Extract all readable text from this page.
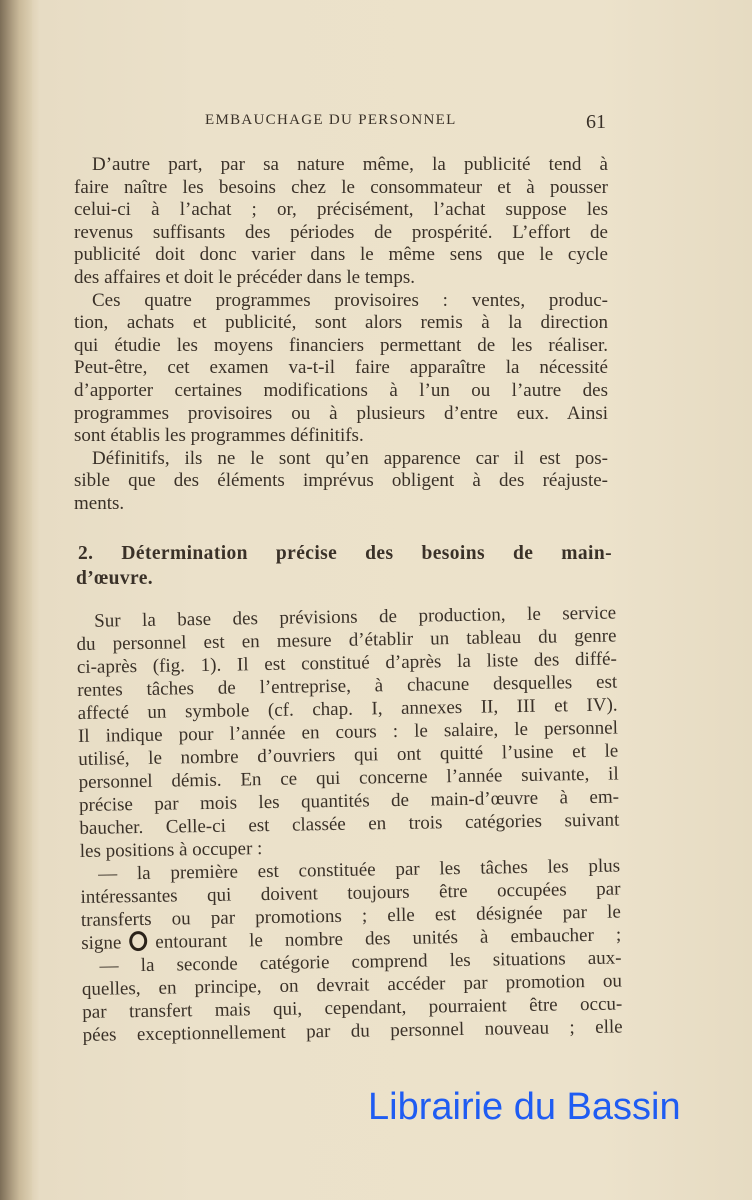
EMBAUCHAGE DU PERSONNEL	61
D’autre part, par sa nature même, la publicité tend à
faire naître les besoins chez le consommateur et à pousser
celui-ci à l’achat ; or, précisément, l’achat suppose les
revenus suffisants des périodes de prospérité. L’effort de
publicité doit donc varier dans le même sens que le cycle
des affaires et doit le précéder dans le temps.
Ces quatre programmes provisoires : ventes, produc-
tion, achats et publicité, sont alors remis à la direction
qui étudie les moyens financiers permettant de les réaliser.
Peut-être, cet examen va-t-il faire apparaître la nécessité
d’apporter certaines modifications à l’un ou l’autre des
programmes provisoires ou à plusieurs d’entre eux. Ainsi
sont établis les programmes définitifs.
Définitifs, ils ne le sont qu’en apparence car il est pos-
sible que des éléments imprévus obligent à des réajuste-
ments.
2. Détermination précise des besoins de main-
d’œuvre.
Sur la base des prévisions de production, le service
du personnel est en mesure d’établir un tableau du genre
ci-après (fig. 1). Il est constitué d’après la liste des diffé-
rentes tâches de l’entreprise, à chacune desquelles est
affecté un symbole (cf. chap. I, annexes II, III et IV).
Il indique pour l’année en cours : le salaire, le personnel
utilisé, le nombre d’ouvriers qui ont quitté l’usine et le
personnel démis. En ce qui concerne l’année suivante, il
précise par mois les quantités de main-d’œuvre à em-
baucher. Celle-ci est classée en trois catégories suivant
les positions à occuper :
— la première est constituée par les tâches les plus
intéressantes qui doivent toujours être occupées par
transferts ou par promotions ; elle est désignée par le
signe entourant le nombre des unités à embaucher ;
— la seconde catégorie comprend les situations aux-
quelles, en principe, on devrait accéder par promotion ou
par transfert mais qui, cependant, pourraient être occu-
pées exceptionnellement par du personnel nouveau ; elle
Librairie du Bassin
